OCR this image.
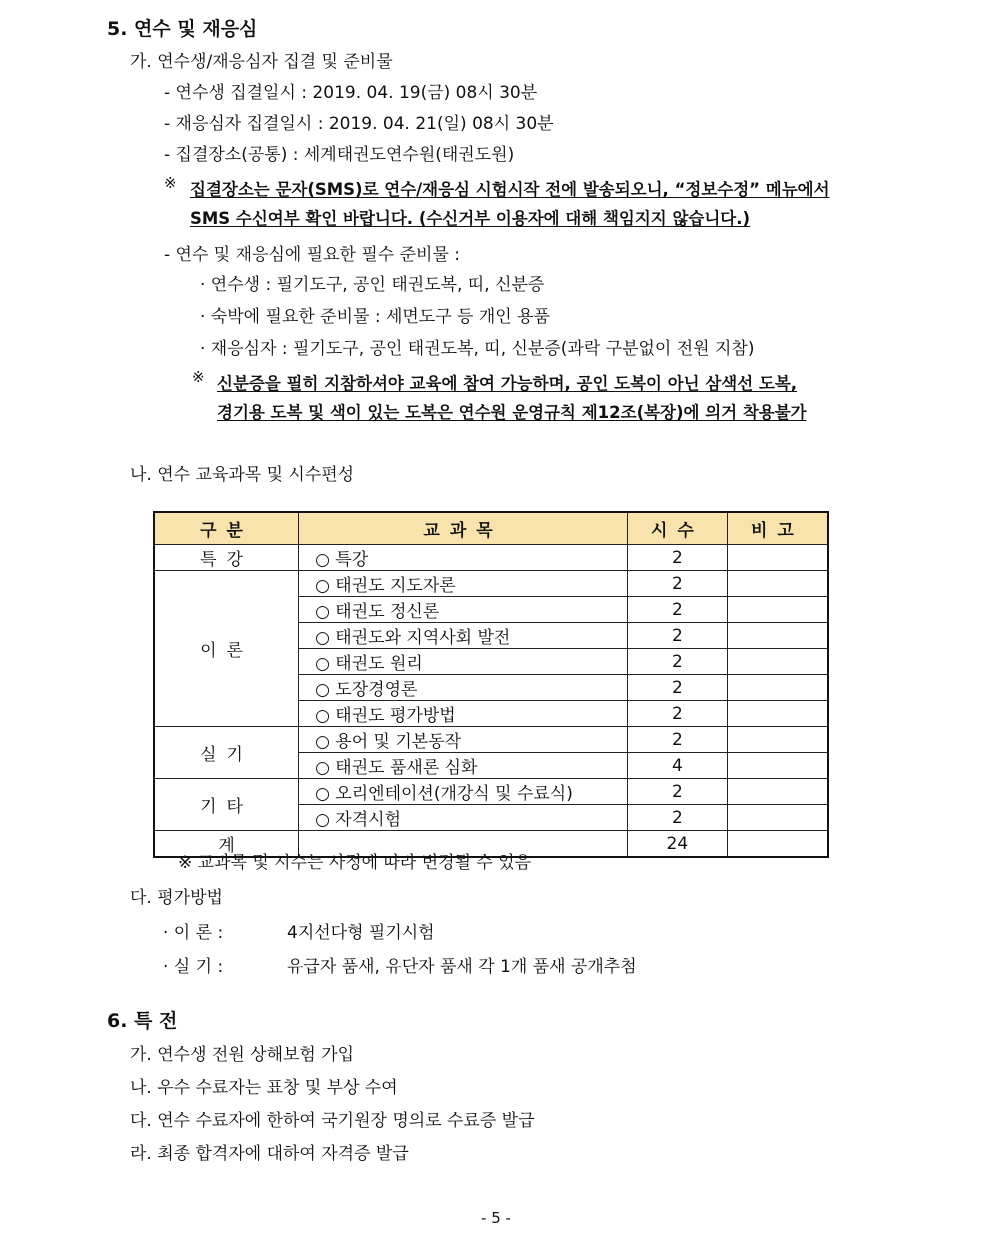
5. 연수 및 재응심
가. 연수생/재응심자 집결 및 준비물
- 연수생 집결일시 : 2019. 04. 19(금) 08시 30분
- 재응심자 집결일시 : 2019. 04. 21(일) 08시 30분
- 집결장소(공통) : 세계태권도연수원(태권도원)
※ 집결장소는 문자(SMS)로 연수/재응심 시험시작 전에 발송되오니, “정보수정” 메뉴에서
SMS 수신여부 확인 바랍니다. (수신거부 이용자에 대해 책임지지 않습니다.)
- 연수 및 재응심에 필요한 필수 준비물 :
· 연수생 : 필기도구, 공인 태권도복, 띠, 신분증
· 숙박에 필요한 준비물 : 세면도구 등 개인 용품
· 재응심자 : 필기도구, 공인 태권도복, 띠, 신분증(과락 구분없이 전원 지참)
※ 신분증을 필히 지참하셔야 교육에 참여 가능하며, 공인 도복이 아닌 삼색선 도복,
경기용 도복 및 색이 있는 도복은 연수원 운영규칙 제12조(복장)에 의거 착용불가
나. 연수 교육과목 및 시수편성
구분	교과목	시수	비고
특강	○ 특강	2	
이론	○ 태권도 지도자론	2	
	○ 태권도 정신론	2	
	○ 태권도와 지역사회 발전	2	
	○ 태권도 원리	2	
	○ 도장경영론	2	
	○ 태권도 평가방법	2	
실기	○ 용어 및 기본동작	2	
	○ 태권도 품새론 심화	4	
기타	○ 오리엔테이션(개강식 및 수료식)	2	
	○ 자격시험	2	
계		24	
※ 교과목 및 시수는 사정에 따라 변경될 수 있음
다. 평가방법
· 이 론 :	4지선다형 필기시험
· 실 기 :	유급자 품새, 유단자 품새 각 1개 품새 공개추첨
6. 특 전
가. 연수생 전원 상해보험 가입
나. 우수 수료자는 표창 및 부상 수여
다. 연수 수료자에 한하여 국기원장 명의로 수료증 발급
라. 최종 합격자에 대하여 자격증 발급
- 5 -
